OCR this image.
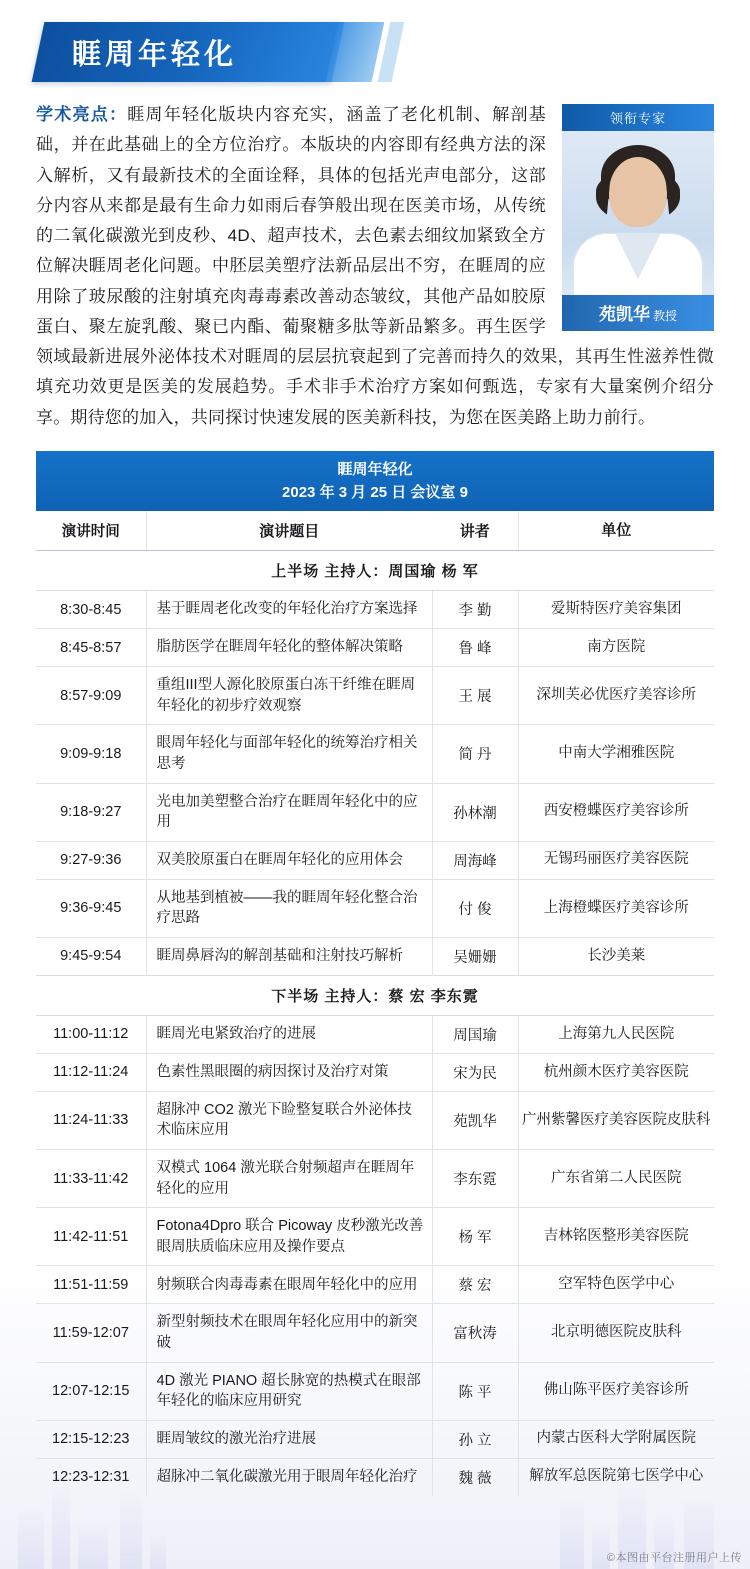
睚周年轻化
领衔专家
苑凯华 教授
学术亮点：睚周年轻化版块内容充实，涵盖了老化机制、解剖基础，并在此基础上的全方位治疗。本版块的内容即有经典方法的深入解析，又有最新技术的全面诠释，具体的包括光声电部分，这部分内容从来都是最有生命力如雨后春笋般出现在医美市场，从传统的二氧化碳激光到皮秒、4D、超声技术，去色素去细纹加紧致全方位解决睚周老化问题。中胚层美塑疗法新品层出不穷，在睚周的应用除了玻尿酸的注射填充肉毒毒素改善动态皱纹，其他产品如胶原蛋白、聚左旋乳酸、聚已内酯、葡聚糖多肽等新品繁多。再生医学领域最新进展外泌体技术对睚周的层层抗衰起到了完善而持久的效果，其再生性滋养性微填充功效更是医美的发展趋势。手术非手术治疗方案如何甄选，专家有大量案例介绍分享。期待您的加入，共同探讨快速发展的医美新科技，为您在医美路上助力前行。
睚周年轻化
2023 年 3 月 25 日 会议室 9			

演讲时间	演讲题目	讲者	单位
上半场 主持人：周国瑜 杨 军			
8:30-8:45	基于睚周老化改变的年轻化治疗方案选择	李 勤	爱斯特医疗美容集团
8:45-8:57	脂肪医学在睚周年轻化的整体解决策略	鲁 峰	南方医院
8:57-9:09	重组III型人源化胶原蛋白冻干纤维在睚周年轻化的初步疗效观察	王 展	深圳芙必优医疗美容诊所
9:09-9:18	眼周年轻化与面部年轻化的统筹治疗相关思考	简 丹	中南大学湘雅医院
9:18-9:27	光电加美塑整合治疗在睚周年轻化中的应用	孙林潮	西安橙蝶医疗美容诊所
9:27-9:36	双美胶原蛋白在睚周年轻化的应用体会	周海峰	无锡玛丽医疗美容医院
9:36-9:45	从地基到植被——我的睚周年轻化整合治疗思路	付 俊	上海橙蝶医疗美容诊所
9:45-9:54	睚周鼻唇沟的解剖基础和注射技巧解析	吴姗姗	长沙美莱
下半场 主持人：蔡 宏 李东霓			
11:00-11:12	睚周光电紧致治疗的进展	周国瑜	上海第九人民医院
11:12-11:24	色素性黑眼圈的病因探讨及治疗对策	宋为民	杭州颜木医疗美容医院
11:24-11:33	超脉冲 CO2 激光下睑整复联合外泌体技术临床应用	苑凯华	广州紫馨医疗美容医院皮肤科
11:33-11:42	双模式 1064 激光联合射频超声在睚周年轻化的应用	李东霓	广东省第二人民医院
11:42-11:51	Fotona4Dpro 联合 Picoway 皮秒激光改善眼周肤质临床应用及操作要点	杨 军	吉林铭医整形美容医院
11:51-11:59	射频联合肉毒毒素在眼周年轻化中的应用	蔡 宏	空军特色医学中心
11:59-12:07	新型射频技术在眼周年轻化应用中的新突破	富秋涛	北京明德医院皮肤科
12:07-12:15	4D 激光 PIANO 超长脉宽的热模式在眼部年轻化的临床应用研究	陈 平	佛山陈平医疗美容诊所
12:15-12:23	睚周皱纹的激光治疗进展	孙 立	内蒙古医科大学附属医院
12:23-12:31	超脉冲二氧化碳激光用于眼周年轻化治疗	魏 薇	解放军总医院第七医学中心
©本图由平台注册用户上传
